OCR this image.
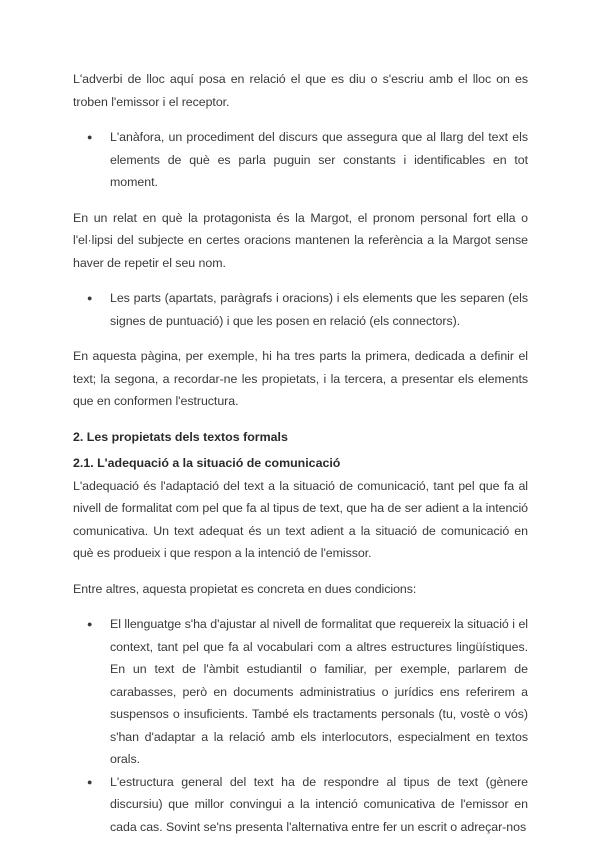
L'adverbi de lloc aquí posa en relació el que es diu o s'escriu amb el lloc on es troben l'emissor i el receptor.

●	L'anàfora, un procediment del discurs que assegura que al llarg del text els elements de què es parla puguin ser constants i identificables en tot moment.

En un relat en què la protagonista és la Margot, el pronom personal fort ella o l'el·lipsi del subjecte en certes oracions mantenen la referència a la Margot sense haver de repetir el seu nom.

●	Les parts (apartats, paràgrafs i oracions) i els elements que les separen (els signes de puntuació) i que les posen en relació (els connectors).

En aquesta pàgina, per exemple, hi ha tres parts la primera, dedicada a definir el text; la segona, a recordar-ne les propietats, i la tercera, a presentar els elements que en conformen l'estructura.

2. Les propietats dels textos formals
2.1. L'adequació a la situació de comunicació

L'adequació és l'adaptació del text a la situació de comunicació, tant pel que fa al nivell de formalitat com pel que fa al tipus de text, que ha de ser adient a la intenció comunicativa. Un text adequat és un text adient a la situació de comunicació en què es produeix i que respon a la intenció de l'emissor.

Entre altres, aquesta propietat es concreta en dues condicions:

●	El llenguatge s'ha d'ajustar al nivell de formalitat que requereix la situació i el context, tant pel que fa al vocabulari com a altres estructures lingüístiques. En un text de l'àmbit estudiantil o familiar, per exemple, parlarem de carabasses, però en documents administratius o jurídics ens referirem a suspensos o insuficients. També els tractaments personals (tu, vostè o vós) s'han d'adaptar a la relació amb els interlocutors, especialment en textos orals.

●	L'estructura general del text ha de respondre al tipus de text (gènere discursiu) que millor convingui a la intenció comunicativa de l'emissor en cada cas. Sovint se'ns presenta l'alternativa entre fer un escrit o adreçar-nos
